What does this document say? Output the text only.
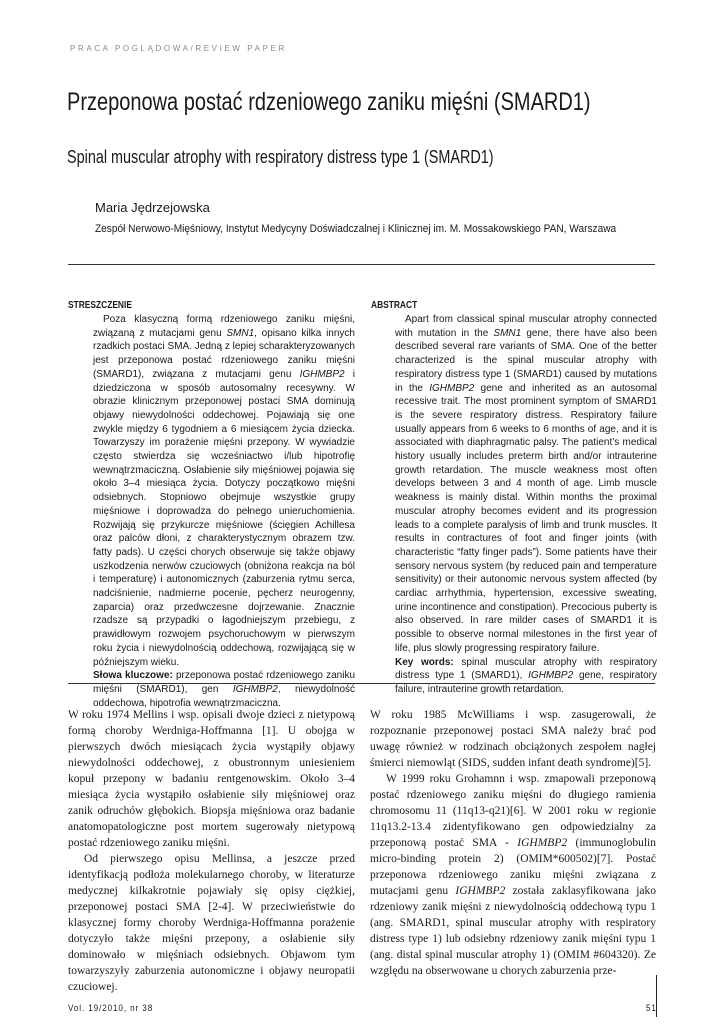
PRACA POGLĄDOWA/REVIEW PAPER
Przeponowa postać rdzeniowego zaniku mięśni (SMARD1)
Spinal muscular atrophy with respiratory distress type 1 (SMARD1)
Maria Jędrzejowska
Zespół Nerwowo-Mięśniowy, Instytut Medycyny Doświadczalnej i Klinicznej im. M. Mossakowskiego PAN, Warszawa
STRESZCZENIE	ABSTRACT

Poza klasyczną formą rdzeniowego zaniku mięśni, związaną z mutacjami genu SMN1, opisano kilka innych rzadkich postaci SMA. Jedną z lepiej scharakteryzowanych jest przeponowa postać rdzeniowego zaniku mięśni (SMARD1), związana z mutacjami genu IGHMBP2 i dziedziczona w sposób autosomalny recesywny. W obrazie klinicznym przeponowej postaci SMA dominują objawy niewydolności oddechowej. Pojawiają się one zwykle między 6 tygodniem a 6 miesiącem życia dziecka. Towarzyszy im porażenie mięśni przepony. W wywiadzie często stwierdza się wcześniactwo i/lub hipotrofię wewnątrzmaciczną. Osłabienie siły mięśniowej pojawia się około 3–4 miesiąca życia. Dotyczy początkowo mięśni odsiebnych. Stopniowo obejmuje wszystkie grupy mięśniowe i doprowadza do pełnego unieruchomienia. Rozwijają się przykurcze mięśniowe (ścięgien Achillesa oraz palców dłoni, z charakterystycznym obrazem tzw. fatty pads). U części chorych obserwuje się także objawy uszkodzenia nerwów czuciowych (obniżona reakcja na ból i temperaturę) i autonomicznych (zaburzenia rytmu serca, nadciśnienie, nadmierne pocenie, pęcherz neurogenny, zaparcia) oraz przedwczesne dojrzewanie. Znacznie rzadsze są przypadki o łagodniejszym przebiegu, z prawidłowym rozwojem psychoruchowym w pierwszym roku życia i niewydolnością oddechową, rozwijającą się w późniejszym wieku.

Słowa kluczowe: przeponowa postać rdzeniowego zaniku mięśni (SMARD1), gen IGHMBP2, niewydolność oddechowa, hipotrofia wewnątrzmaciczna.

Apart from classical spinal muscular atrophy connected with mutation in the SMN1 gene, there have also been described several rare variants of SMA. One of the better characterized is the spinal muscular atrophy with respiratory distress type 1 (SMARD1) caused by mutations in the IGHMBP2 gene and inherited as an autosomal recessive trait. The most prominent symptom of SMARD1 is the severe respiratory distress. Respiratory failure usually appears from 6 weeks to 6 months of age, and it is associated with diaphragmatic palsy. The patient’s medical history usually includes preterm birth and/or intrauterine growth retardation. The muscle weakness most often develops between 3 and 4 month of age. Limb muscle weakness is mainly distal. Within months the proximal muscular atrophy becomes evident and its progression leads to a complete paralysis of limb and trunk muscles. It results in contractures of foot and finger joints (with characteristic “fatty finger pads”). Some patients have their sensory nervous system (by reduced pain and temperature sensitivity) or their autonomic nervous system affected (by cardiac arrhythmia, hypertension, excessive sweating, urine incontinence and constipation). Precocious puberty is also observed. In rare milder cases of SMARD1 it is possible to observe normal milestones in the first year of life, plus slowly progressing respiratory failure.

Key words: spinal muscular atrophy with respiratory distress type 1 (SMARD1), IGHMBP2 gene, respiratory failure, intrauterine growth retardation.

W roku 1974 Mellins i wsp. opisali dwoje dzieci z nietypową formą choroby Werdniga-Hoffmanna [1]. U obojga w pierwszych dwóch miesiącach życia wystąpiły objawy niewydolności oddechowej, z obustronnym uniesieniem kopuł przepony w badaniu rentgenowskim. Około 3–4 miesiąca życia wystąpiło osłabienie siły mięśniowej oraz zanik odruchów głębokich. Biopsja mięśniowa oraz badanie anatomopatologiczne post mortem sugerowały nietypową postać rdzeniowego zaniku mięśni.

Od pierwszego opisu Mellinsa, a jeszcze przed identyfikacją podłoża molekularnego choroby, w literaturze medycznej kilkakrotnie pojawiały się opisy ciężkiej, przeponowej postaci SMA [2-4]. W przeciwieństwie do klasycznej formy choroby Werdniga-Hoffmanna porażenie dotyczyło także mięśni przepony, a osłabienie siły dominowało w mięśniach odsiebnych. Objawom tym towarzyszyły zaburzenia autonomiczne i objawy neuropatii czuciowej.

W roku 1985 McWilliams i wsp. zasugerowali, że rozpoznanie przeponowej postaci SMA należy brać pod uwagę również w rodzinach obciążonych zespołem nagłej śmierci niemowląt (SIDS, sudden infant death syndrome)[5].

W 1999 roku Grohamnn i wsp. zmapowali przeponową postać rdzeniowego zaniku mięśni do długiego ramienia chromosomu 11 (11q13-q21)[6]. W 2001 roku w regionie 11q13.2-13.4 zidentyfikowano gen odpowiedzialny za przeponową postać SMA - IGHMBP2 (immunoglobulin micro-binding protein 2) (OMIM*600502)[7]. Postać przeponowa rdzeniowego zaniku mięśni związana z mutacjami genu IGHMBP2 została zaklasyfikowana jako rdzeniowy zanik mięśni z niewydolnością oddechową typu 1 (ang. SMARD1, spinal muscular atrophy with respiratory distress type 1) lub odsiebny rdzeniowy zanik mięśni typu 1 (ang. distal spinal muscular atrophy 1) (OMIM #604320). Ze względu na obserwowane u chorych zaburzenia prze-

Vol. 19/2010, nr 38	51
